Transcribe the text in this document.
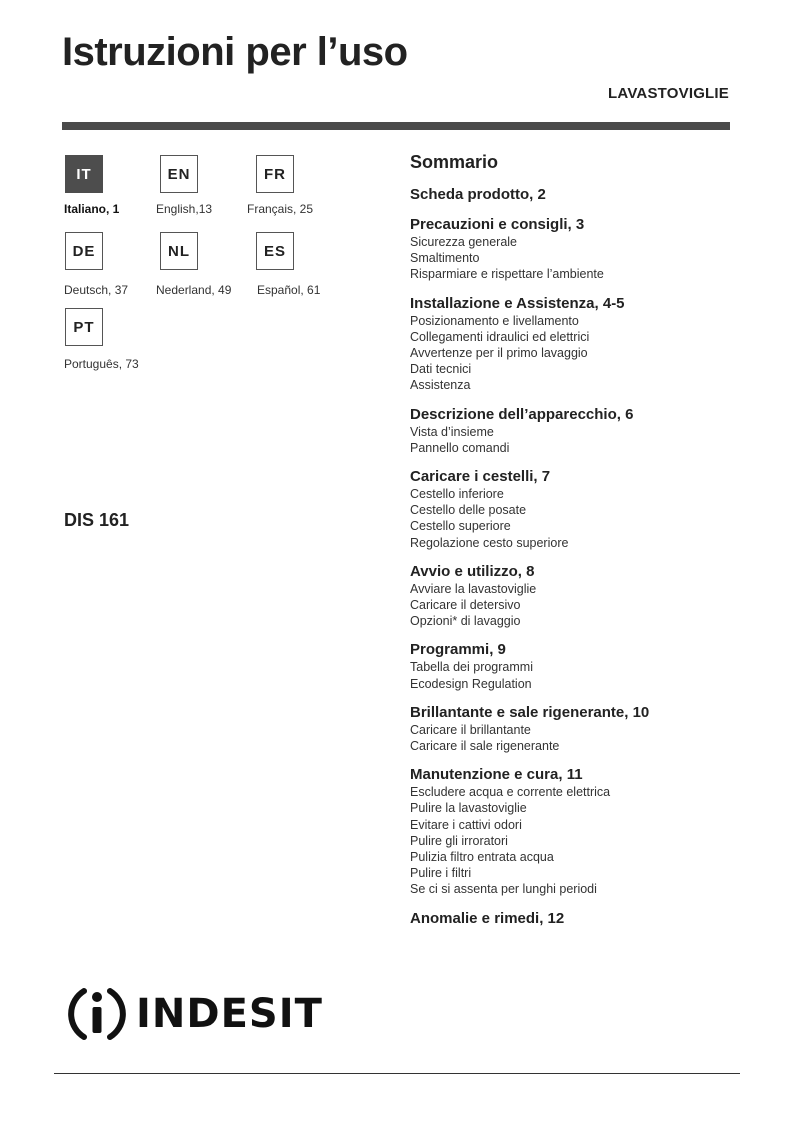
Istruzioni per l’uso
LAVASTOVIGLIE
IT
Italiano, 1
EN
English,13
FR
Français, 25
DE
Deutsch, 37
NL
Nederland, 49
ES
Español, 61
PT
Português, 73
DIS 161
Sommario
Scheda prodotto, 2
Precauzioni e consigli, 3
Sicurezza generale
Smaltimento
Risparmiare e rispettare l’ambiente
Installazione e Assistenza, 4-5
Posizionamento e livellamento
Collegamenti idraulici ed elettrici
Avvertenze per il primo lavaggio
Dati tecnici
Assistenza
Descrizione dell’apparecchio, 6
Vista d’insieme
Pannello comandi
Caricare i cestelli, 7
Cestello inferiore
Cestello delle posate
Cestello superiore
Regolazione cesto superiore
Avvio e utilizzo, 8
Avviare la lavastoviglie
Caricare il detersivo
Opzioni* di lavaggio
Programmi, 9
Tabella dei programmi
Ecodesign Regulation
Brillantante e sale rigenerante, 10
Caricare il brillantante
Caricare il sale rigenerante
Manutenzione e cura, 11
Escludere acqua e corrente elettrica
Pulire la lavastoviglie
Evitare i cattivi odori
Pulire gli irroratori
Pulizia filtro entrata acqua
Pulire i filtri
Se ci si assenta per lunghi periodi
Anomalie e rimedi, 12
INDESIT
